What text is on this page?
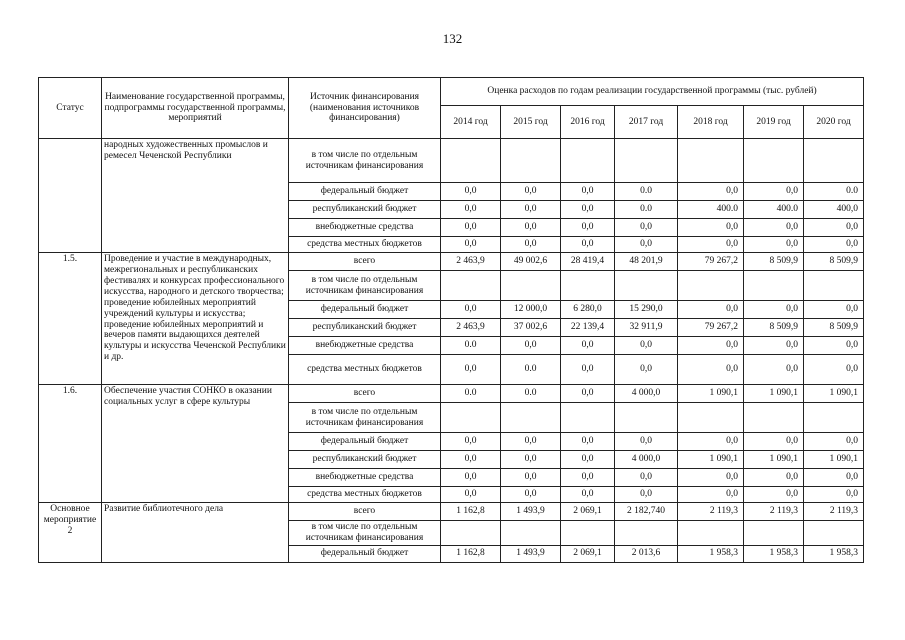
132
Статус	Наименование государственной программы, подпрограммы государственной программы, мероприятий	Источник финансирования (наименования источников финансирования)	Оценка расходов по годам реализации государственной программы (тыс. рублей)						
			2014 год	2015 год	2016 год	2017 год	2018 год	2019 год	2020 год
	народных художественных промыслов и ремесел Чеченской Республики	в том числе по отдельным источникам финансирования							
		федеральный бюджет	0,0	0,0	0,0	0.0	0,0	0,0	0.0
		республиканский бюджет	0,0	0,0	0,0	0.0	400.0	400.0	400,0
		внебюджетные средства	0,0	0,0	0,0	0,0	0,0	0,0	0,0
		средства местных бюджетов	0,0	0,0	0,0	0,0	0,0	0,0	0,0
1.5.	Проведение и участие в международных, межрегиональных и республиканских фестивалях и конкурсах профессионального искусства, народного и детского творчества; проведение юбилейных мероприятий учреждений культуры и искусства; проведение юбилейных мероприятий и вечеров памяти выдающихся деятелей культуры и искусства Чеченской Республики и др.	всего	2 463,9	49 002,6	28 419,4	48 201,9	79 267,2	8 509,9	8 509,9
		в том числе по отдельным источникам финансирования							
		федеральный бюджет	0,0	12 000,0	6 280,0	15 290,0	0,0	0,0	0,0
		республиканский бюджет	2 463,9	37 002,6	22 139,4	32 911,9	79 267,2	8 509,9	8 509,9
		внебюджетные средства	0.0	0,0	0,0	0,0	0,0	0,0	0,0
		средства местных бюджетов	0,0	0.0	0,0	0,0	0,0	0,0	0,0
1.6.	Обеспечение участия СОНКО в оказании социальных услуг в сфере культуры	всего	0.0	0.0	0,0	4 000,0	1 090,1	1 090,1	1 090,1
		в том числе по отдельным источникам финансирования							
		федеральный бюджет	0,0	0,0	0,0	0,0	0,0	0,0	0,0
		республиканский бюджет	0,0	0,0	0,0	4 000,0	1 090,1	1 090,1	1 090,1
		внебюджетные средства	0,0	0,0	0,0	0,0	0,0	0,0	0,0
		средства местных бюджетов	0,0	0,0	0,0	0,0	0,0	0,0	0,0
Основное мероприятие 2	Развитие библиотечного дела	всего	1 162,8	1 493,9	2 069,1	2 182,740	2 119,3	2 119,3	2 119,3
		в том числе по отдельным источникам финансирования							
		федеральный бюджет	1 162,8	1 493,9	2 069,1	2 013,6	1 958,3	1 958,3	1 958,3
